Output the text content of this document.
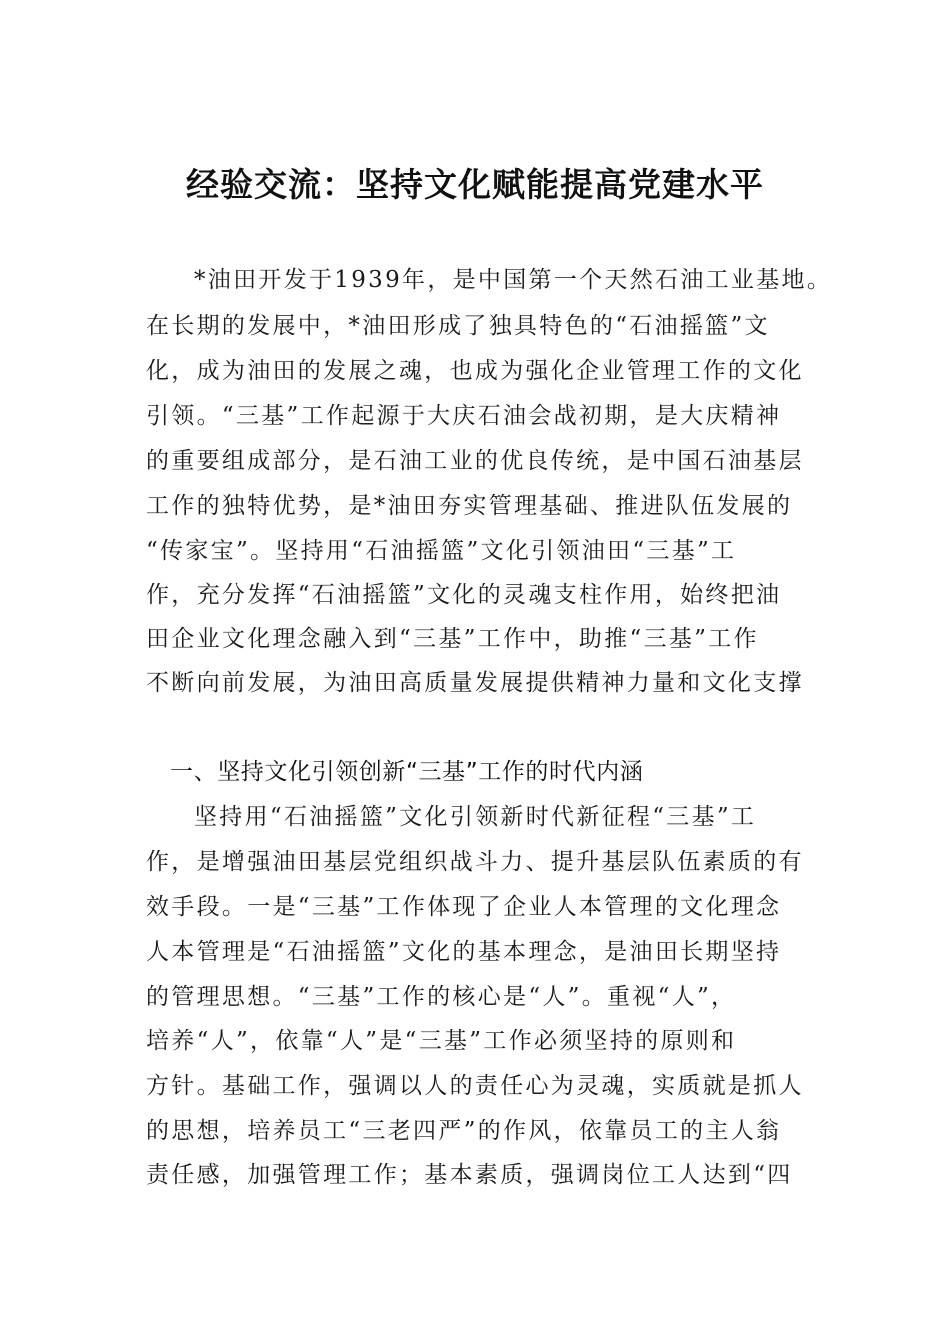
经验交流：坚持文化赋能提高党建水平
*油田开发于1939年，是中国第一个天然石油工业基地。
在长期的发展中，*油田形成了独具特色的“石油摇篮”文
化，成为油田的发展之魂，也成为强化企业管理工作的文化
引领。“三基”工作起源于大庆石油会战初期，是大庆精神
的重要组成部分，是石油工业的优良传统，是中国石油基层
工作的独特优势，是*油田夯实管理基础、推进队伍发展的
“传家宝”。坚持用“石油摇篮”文化引领油田“三基”工
作，充分发挥“石油摇篮”文化的灵魂支柱作用，始终把油
田企业文化理念融入到“三基”工作中，助推“三基”工作
不断向前发展，为油田高质量发展提供精神力量和文化支撑
一、坚持文化引领创新“三基”工作的时代内涵
坚持用“石油摇篮”文化引领新时代新征程“三基”工
作，是增强油田基层党组织战斗力、提升基层队伍素质的有
效手段。一是“三基”工作体现了企业人本管理的文化理念
人本管理是“石油摇篮”文化的基本理念，是油田长期坚持
的管理思想。“三基”工作的核心是“人”。重视“人”，
培养“人”，依靠“人”是“三基”工作必须坚持的原则和
方针。基础工作，强调以人的责任心为灵魂，实质就是抓人
的思想，培养员工“三老四严”的作风，依靠员工的主人翁
责任感，加强管理工作；基本素质，强调岗位工人达到“四
